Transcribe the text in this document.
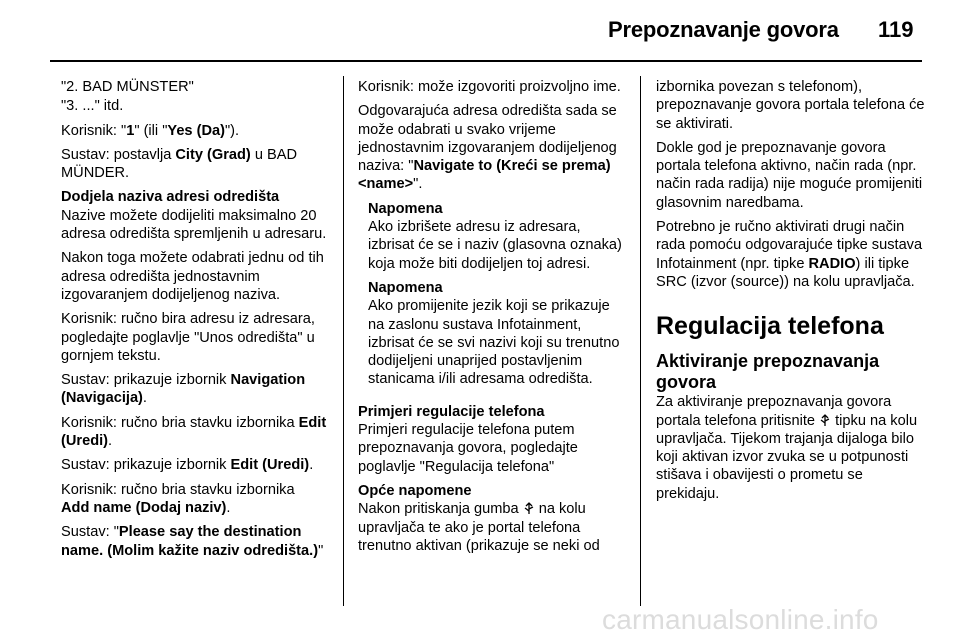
Prepoznavanje govora 119

"2. BAD MÜNSTER"

"3. ..." itd.

Korisnik: "1" (ili "Yes (Da)").

Sustav: postavlja City (Grad) u BAD MÜNDER.

Dodjela naziva adresi odredišta

Nazive možete dodijeliti maksimalno 20 adresa odredišta spremljenih u adresaru.

Nakon toga možete odabrati jednu od tih adresa odredišta jednostavnim izgovaranjem dodijeljenog naziva.

Korisnik: ručno bira adresu iz adresara, pogledajte poglavlje "Unos odredišta" u gornjem tekstu.

Sustav: prikazuje izbornik Navigation (Navigacija).

Korisnik: ručno bria stavku izbornika Edit (Uredi).

Sustav: prikazuje izbornik Edit (Uredi).

Korisnik: ručno bria stavku izbornika Add name (Dodaj naziv).

Sustav: "Please say the destination name. (Molim kažite naziv odredišta.)"

Korisnik: može izgovoriti proizvoljno ime.

Odgovarajuća adresa odredišta sada se može odabrati u svako vrijeme jednostavnim izgovaranjem dodijeljenog naziva: "Navigate to (Kreći se prema) <name>".

Napomena

Ako izbrišete adresu iz adresara, izbrisat će se i naziv (glasovna oznaka) koja može biti dodijeljen toj adresi.

Napomena

Ako promijenite jezik koji se prikazuje na zaslonu sustava Infotainment, izbrisat će se svi nazivi koji su trenutno dodijeljeni unaprijed postavljenim stanicama i/ili adresama odredišta.

Primjeri regulacije telefona

Primjeri regulacije telefona putem prepoznavanja govora, pogledajte poglavlje "Regulacija telefona"

Opće napomene

Nakon pritiskanja gumba  na kolu upravljača te ako je portal telefona trenutno aktivan (prikazuje se neki od

izbornika povezan s telefonom), prepoznavanje govora portala telefona će se aktivirati.

Dokle god je prepoznavanje govora portala telefona aktivno, način rada (npr. način rada radija) nije moguće promijeniti glasovnim naredbama.

Potrebno je ručno aktivirati drugi način rada pomoću odgovarajuće tipke sustava Infotainment (npr. tipke RADIO) ili tipke SRC (izvor (source)) na kolu upravljača.

Regulacija telefona
Aktiviranje prepoznavanja govora

Za aktiviranje prepoznavanja govora portala telefona pritisnite  tipku na kolu upravljača. Tijekom trajanja dijaloga bilo koji aktivan izvor zvuka se u potpunosti stišava i obavijesti o prometu se prekidaju.

carmanualsonline.info
